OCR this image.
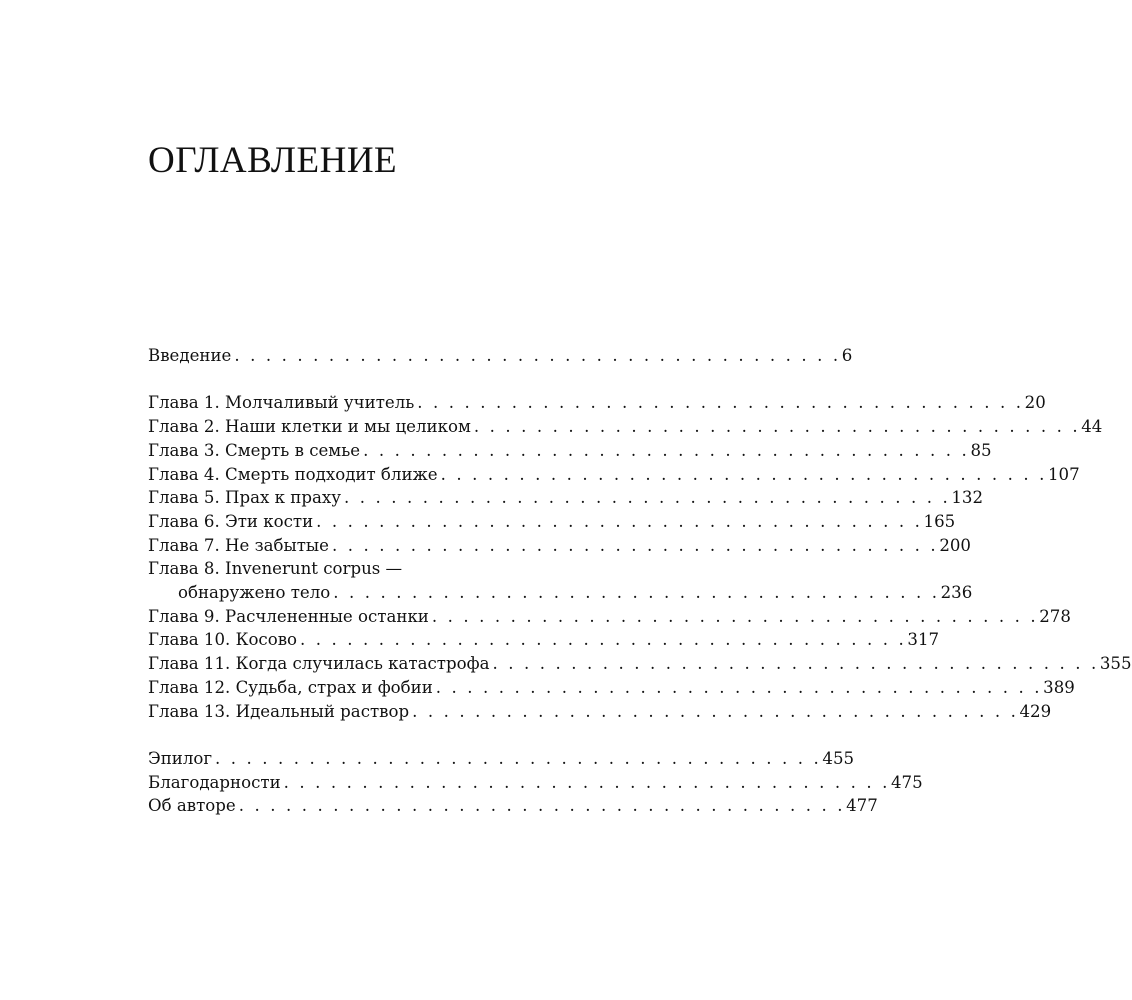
ОГЛАВЛЕНИЕ
Введение . . . . . . . . . . . . . . . . . . . . . . . . . . . . . . . . . . . . . . . 6
Глава 1. Молчаливый учитель . . . . . . . . . . . . . . . . . . . . . . . . . . . . . . . . . . . . . . . 20
Глава 2. Наши клетки и мы целиком . . . . . . . . . . . . . . . . . . . . . . . . . . . . . . . . . . . . . . . 44
Глава 3. Смерть в семье . . . . . . . . . . . . . . . . . . . . . . . . . . . . . . . . . . . . . . . 85
Глава 4. Смерть подходит ближе . . . . . . . . . . . . . . . . . . . . . . . . . . . . . . . . . . . . . . . 107
Глава 5. Прах к праху . . . . . . . . . . . . . . . . . . . . . . . . . . . . . . . . . . . . . . . 132
Глава 6. Эти кости . . . . . . . . . . . . . . . . . . . . . . . . . . . . . . . . . . . . . . . 165
Глава 7. Не забытые . . . . . . . . . . . . . . . . . . . . . . . . . . . . . . . . . . . . . . . 200
Глава 8. Invenerunt corpus —
обнаружено тело . . . . . . . . . . . . . . . . . . . . . . . . . . . . . . . . . . . . . . . 236
Глава 9. Расчлененные останки . . . . . . . . . . . . . . . . . . . . . . . . . . . . . . . . . . . . . . . 278
Глава 10. Косово . . . . . . . . . . . . . . . . . . . . . . . . . . . . . . . . . . . . . . . 317
Глава 11. Когда случилась катастрофа . . . . . . . . . . . . . . . . . . . . . . . . . . . . . . . . . . . . . . . 355
Глава 12. Судьба, страх и фобии . . . . . . . . . . . . . . . . . . . . . . . . . . . . . . . . . . . . . . . 389
Глава 13. Идеальный раствор . . . . . . . . . . . . . . . . . . . . . . . . . . . . . . . . . . . . . . . 429
Эпилог . . . . . . . . . . . . . . . . . . . . . . . . . . . . . . . . . . . . . . . 455
Благодарности . . . . . . . . . . . . . . . . . . . . . . . . . . . . . . . . . . . . . . . 475
Об авторе . . . . . . . . . . . . . . . . . . . . . . . . . . . . . . . . . . . . . . . 477
